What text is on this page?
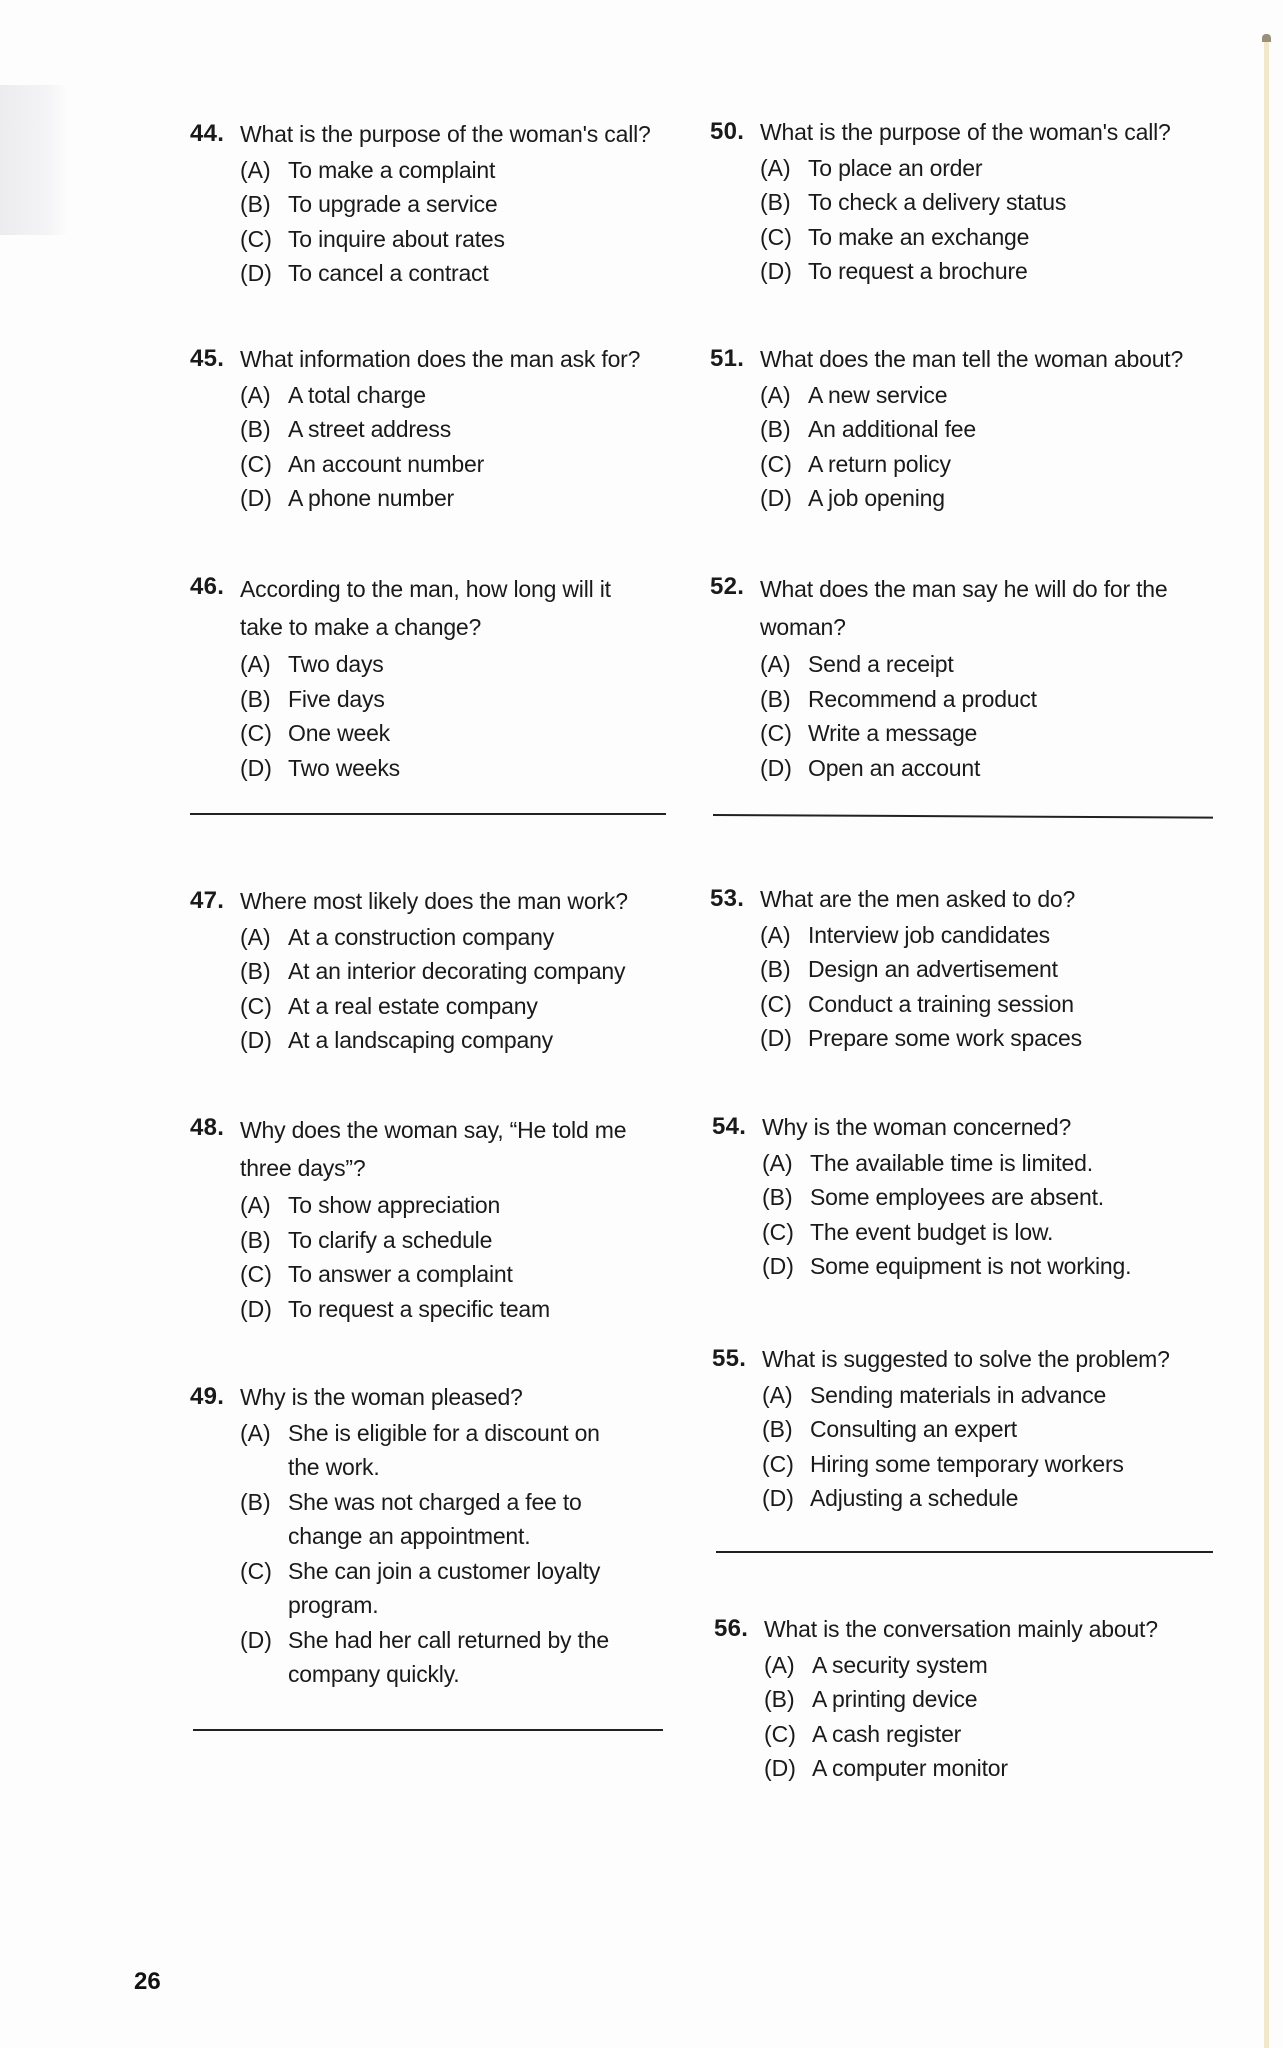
44. What is the purpose of the woman's call?
(A) To make a complaint
(B) To upgrade a service
(C) To inquire about rates
(D) To cancel a contract
45. What information does the man ask for?
(A) A total charge
(B) A street address
(C) An account number
(D) A phone number
46. According to the man, how long will it take to make a change?
(A) Two days
(B) Five days
(C) One week
(D) Two weeks
47. Where most likely does the man work?
(A) At a construction company
(B) At an interior decorating company
(C) At a real estate company
(D) At a landscaping company
48. Why does the woman say, “He told me three days”?
(A) To show appreciation
(B) To clarify a schedule
(C) To answer a complaint
(D) To request a specific team
49. Why is the woman pleased?
(A) She is eligible for a discount on the work.
(B) She was not charged a fee to change an appointment.
(C) She can join a customer loyalty program.
(D) She had her call returned by the company quickly.
50. What is the purpose of the woman's call?
(A) To place an order
(B) To check a delivery status
(C) To make an exchange
(D) To request a brochure
51. What does the man tell the woman about?
(A) A new service
(B) An additional fee
(C) A return policy
(D) A job opening
52. What does the man say he will do for the woman?
(A) Send a receipt
(B) Recommend a product
(C) Write a message
(D) Open an account
53. What are the men asked to do?
(A) Interview job candidates
(B) Design an advertisement
(C) Conduct a training session
(D) Prepare some work spaces
54. Why is the woman concerned?
(A) The available time is limited.
(B) Some employees are absent.
(C) The event budget is low.
(D) Some equipment is not working.
55. What is suggested to solve the problem?
(A) Sending materials in advance
(B) Consulting an expert
(C) Hiring some temporary workers
(D) Adjusting a schedule
56. What is the conversation mainly about?
(A) A security system
(B) A printing device
(C) A cash register
(D) A computer monitor
26
